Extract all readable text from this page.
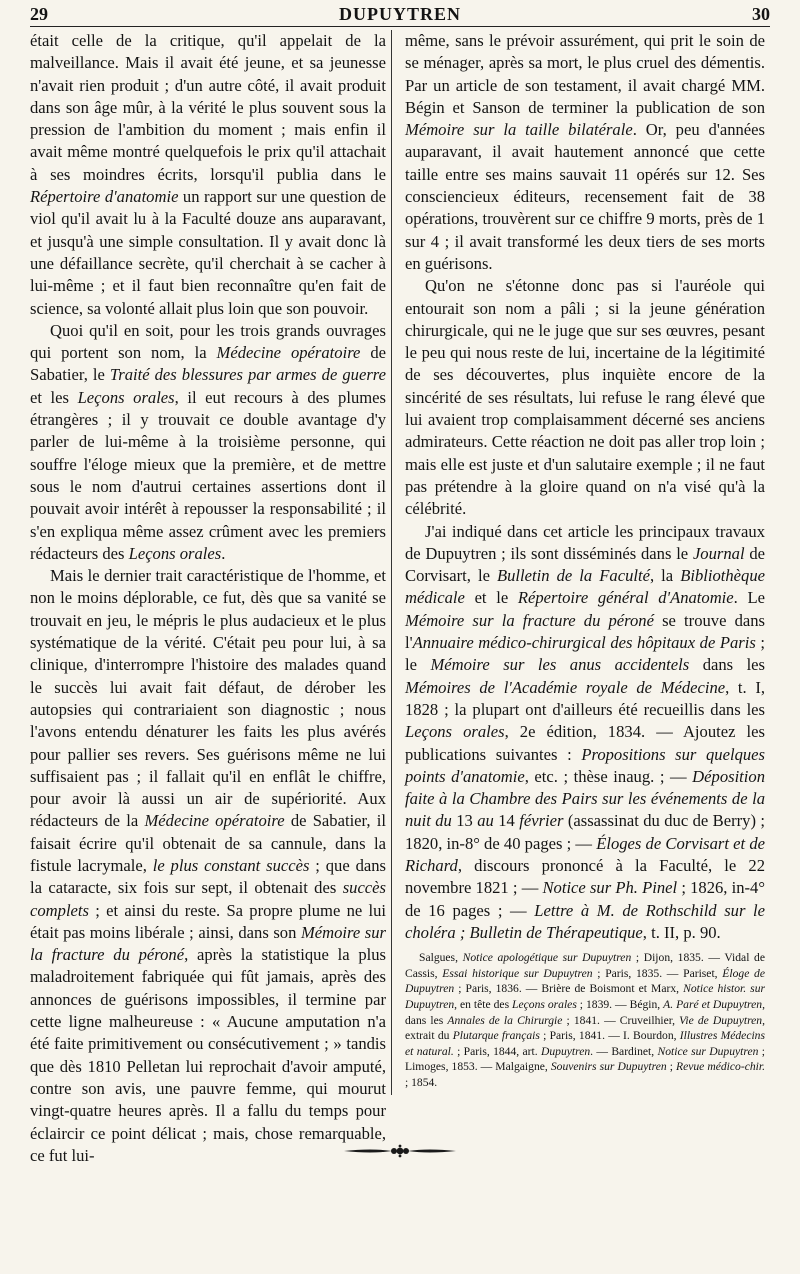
29	DUPUYTREN	30

était celle de la critique, qu'il appelait de la malveillance. Mais il avait été jeune, et sa jeunesse n'avait rien produit ; d'un autre côté, il avait produit dans son âge mûr, à la vérité le plus souvent sous la pression de l'ambition du moment ; mais enfin il avait même montré quelquefois le prix qu'il attachait à ses moindres écrits, lorsqu'il publia dans le Répertoire d'anatomie un rapport sur une question de viol qu'il avait lu à la Faculté douze ans auparavant, et jusqu'à une simple consultation. Il y avait donc là une défaillance secrète, qu'il cherchait à se cacher à lui-même ; et il faut bien reconnaître qu'en fait de science, sa volonté allait plus loin que son pouvoir.

Quoi qu'il en soit, pour les trois grands ouvrages qui portent son nom, la Médecine opératoire de Sabatier, le Traité des blessures par armes de guerre et les Leçons orales, il eut recours à des plumes étrangères ; il y trouvait ce double avantage d'y parler de lui-même à la troisième personne, qui souffre l'éloge mieux que la première, et de mettre sous le nom d'autrui certaines assertions dont il pouvait avoir intérêt à repousser la responsabilité ; il s'en expliqua même assez crûment avec les premiers rédacteurs des Leçons orales.

Mais le dernier trait caractéristique de l'homme, et non le moins déplorable, ce fut, dès que sa vanité se trouvait en jeu, le mépris le plus audacieux et le plus systématique de la vérité. C'était peu pour lui, à sa clinique, d'interrompre l'histoire des malades quand le succès lui avait fait défaut, de dérober les autopsies qui contrariaient son diagnostic ; nous l'avons entendu dénaturer les faits les plus avérés pour pallier ses revers. Ses guérisons même ne lui suffisaient pas ; il fallait qu'il en enflât le chiffre, pour avoir là aussi un air de supériorité. Aux rédacteurs de la Médecine opératoire de Sabatier, il faisait écrire qu'il obtenait de sa cannule, dans la fistule lacrymale, le plus constant succès ; que dans la cataracte, six fois sur sept, il obtenait des succès complets ; et ainsi du reste. Sa propre plume ne lui était pas moins libérale ; ainsi, dans son Mémoire sur la fracture du péroné, après la statistique la plus maladroitement fabriquée qui fût jamais, après des annonces de guérisons impossibles, il termine par cette ligne malheureuse : « Aucune amputation n'a été faite primitivement ou consécutivement ; » tandis que dès 1810 Pelletan lui reprochait d'avoir amputé, contre son avis, une pauvre femme, qui mourut vingt-quatre heures après. Il a fallu du temps pour éclaircir ce point délicat ; mais, chose remarquable, ce fut lui-

même, sans le prévoir assurément, qui prit le soin de se ménager, après sa mort, le plus cruel des démentis. Par un article de son testament, il avait chargé MM. Bégin et Sanson de terminer la publication de son Mémoire sur la taille bilatérale. Or, peu d'années auparavant, il avait hautement annoncé que cette taille entre ses mains sauvait 11 opérés sur 12. Ses consciencieux éditeurs, recensement fait de 38 opérations, trouvèrent sur ce chiffre 9 morts, près de 1 sur 4 ; il avait transformé les deux tiers de ses morts en guérisons.

Qu'on ne s'étonne donc pas si l'auréole qui entourait son nom a pâli ; si la jeune génération chirurgicale, qui ne le juge que sur ses œuvres, pesant le peu qui nous reste de lui, incertaine de la légitimité de ses découvertes, plus inquiète encore de la sincérité de ses résultats, lui refuse le rang élevé que lui avaient trop complaisamment décerné ses anciens admirateurs. Cette réaction ne doit pas aller trop loin ; mais elle est juste et d'un salutaire exemple ; il ne faut pas prétendre à la gloire quand on n'a visé qu'à la célébrité.

J'ai indiqué dans cet article les principaux travaux de Dupuytren ; ils sont disséminés dans le Journal de Corvisart, le Bulletin de la Faculté, la Bibliothèque médicale et le Répertoire général d'Anatomie. Le Mémoire sur la fracture du péroné se trouve dans l'Annuaire médico-chirurgical des hôpitaux de Paris ; le Mémoire sur les anus accidentels dans les Mémoires de l'Académie royale de Médecine, t. I, 1828 ; la plupart ont d'ailleurs été recueillis dans les Leçons orales, 2e édition, 1834. — Ajoutez les publications suivantes : Propositions sur quelques points d'anatomie, etc. ; thèse inaug. ; — Déposition faite à la Chambre des Pairs sur les événements de la nuit du 13 au 14 février (assassinat du duc de Berry) ; 1820, in-8° de 40 pages ; — Éloges de Corvisart et de Richard, discours prononcé à la Faculté, le 22 novembre 1821 ; — Notice sur Ph. Pinel ; 1826, in-4° de 16 pages ; — Lettre à M. de Rothschild sur le choléra ; Bulletin de Thérapeutique, t. II, p. 90.

Salgues, Notice apologétique sur Dupuytren ; Dijon, 1835. — Vidal de Cassis, Essai historique sur Dupuytren ; Paris, 1835. — Pariset, Éloge de Dupuytren ; Paris, 1836. — Brière de Boismont et Marx, Notice histor. sur Dupuytren, en tête des Leçons orales ; 1839. — Bégin, A. Paré et Dupuytren, dans les Annales de la Chirurgie ; 1841. — Cruveilhier, Vie de Dupuytren, extrait du Plutarque français ; Paris, 1841. — I. Bourdon, Illustres Médecins et natural. ; Paris, 1844, art. Dupuytren. — Bardinet, Notice sur Dupuytren ; Limoges, 1853. — Malgaigne, Souvenirs sur Dupuytren ; Revue médico-chir. ; 1854.
